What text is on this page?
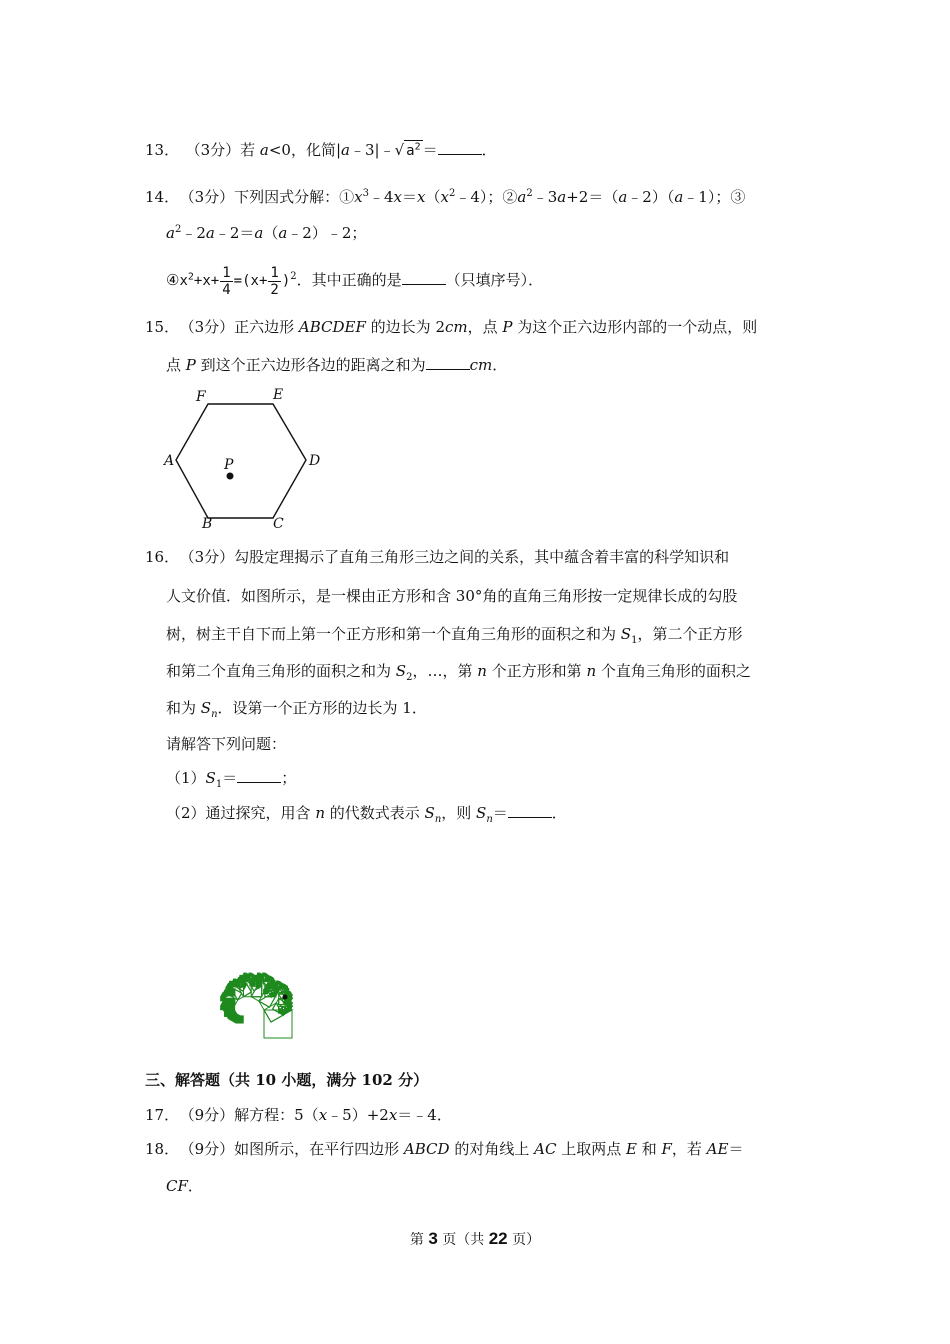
13． （3分）若 a<0，化简|a﹣3|﹣√ $a^2$ ＝	．
14． （3分）下列因式分解：$①x^3﹣4x=x(x^2﹣4)$；$②a^2﹣3a+2=(a﹣2)(a﹣1)$；③
$a^2﹣2a﹣2=a(a﹣2)﹣2$；
$④x^2+x+ \frac{1}{4} =(x+ \frac{1}{2} )^2$．其中正确的是	（只填序号）．
15． （3分）正六边形 ABCDEF 的边长为 2cm，点 P 为这个正六边形内部的一个动点，则
点 P 到这个正六边形各边的距离之和为	cm．
F	E
A	P	D
B	C
16． （3分）勾股定理揭示了直角三角形三边之间的关系，其中蕴含着丰富的科学知识和
人文价值．如图所示，是一棵由正方形和含 30°角的直角三角形按一定规律长成的勾股
树，树主干自下而上第一个正方形和第一个直角三角形的面积之和为 $S_1$，第二个正方形
和第二个直角三角形的面积之和为 $S_2$，…，第 n 个正方形和第 n 个直角三角形的面积之
和为 $S_n$．设第一个正方形的边长为 1．
请解答下列问题：
$(1)S_1=$	；
（2）通过探究，用含 n 的代数式表示 $S_n$，则 $S_n=$	．
三、解答题（共 10 小题，满分 102 分）
17． （9分）解方程：5（x﹣5）+2x＝﹣4．
18． （9分）如图所示，在平行四边形 ABCD 的对角线上 AC 上取两点 E 和 F，若 AE＝
CF．
第 3 页（共 22 页）
